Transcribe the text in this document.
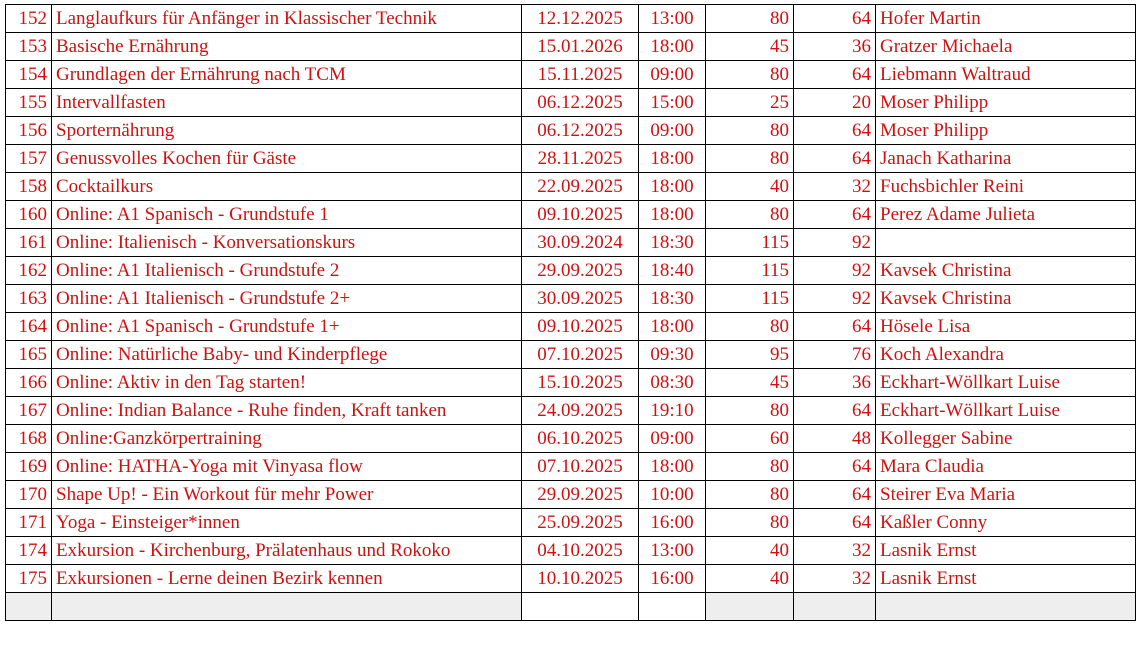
152	Langlaufkurs für Anfänger in Klassischer Technik	12.12.2025	13:00	80	64	Hofer Martin
153	Basische Ernährung	15.01.2026	18:00	45	36	Gratzer Michaela
154	Grundlagen der Ernährung nach TCM	15.11.2025	09:00	80	64	Liebmann Waltraud
155	Intervallfasten	06.12.2025	15:00	25	20	Moser Philipp
156	Sporternährung	06.12.2025	09:00	80	64	Moser Philipp
157	Genussvolles Kochen für Gäste	28.11.2025	18:00	80	64	Janach Katharina
158	Cocktailkurs	22.09.2025	18:00	40	32	Fuchsbichler Reini
160	Online: A1 Spanisch - Grundstufe 1	09.10.2025	18:00	80	64	Perez Adame Julieta
161	Online: Italienisch - Konversationskurs	30.09.2024	18:30	115	92	
162	Online: A1 Italienisch - Grundstufe 2	29.09.2025	18:40	115	92	Kavsek Christina
163	Online: A1 Italienisch - Grundstufe 2+	30.09.2025	18:30	115	92	Kavsek Christina
164	Online: A1 Spanisch - Grundstufe 1+	09.10.2025	18:00	80	64	Hösele Lisa
165	Online: Natürliche Baby- und Kinderpflege	07.10.2025	09:30	95	76	Koch Alexandra
166	Online: Aktiv in den Tag starten!	15.10.2025	08:30	45	36	Eckhart-Wöllkart Luise
167	Online: Indian Balance - Ruhe finden, Kraft tanken	24.09.2025	19:10	80	64	Eckhart-Wöllkart Luise
168	Online:Ganzkörpertraining	06.10.2025	09:00	60	48	Kollegger Sabine
169	Online: HATHA-Yoga mit Vinyasa flow	07.10.2025	18:00	80	64	Mara Claudia
170	Shape Up! - Ein Workout für mehr Power	29.09.2025	10:00	80	64	Steirer Eva Maria
171	Yoga - Einsteiger*innen	25.09.2025	16:00	80	64	Kaßler Conny
174	Exkursion - Kirchenburg, Prälatenhaus und Rokoko	04.10.2025	13:00	40	32	Lasnik Ernst
175	Exkursionen - Lerne deinen Bezirk kennen	10.10.2025	16:00	40	32	Lasnik Ernst
